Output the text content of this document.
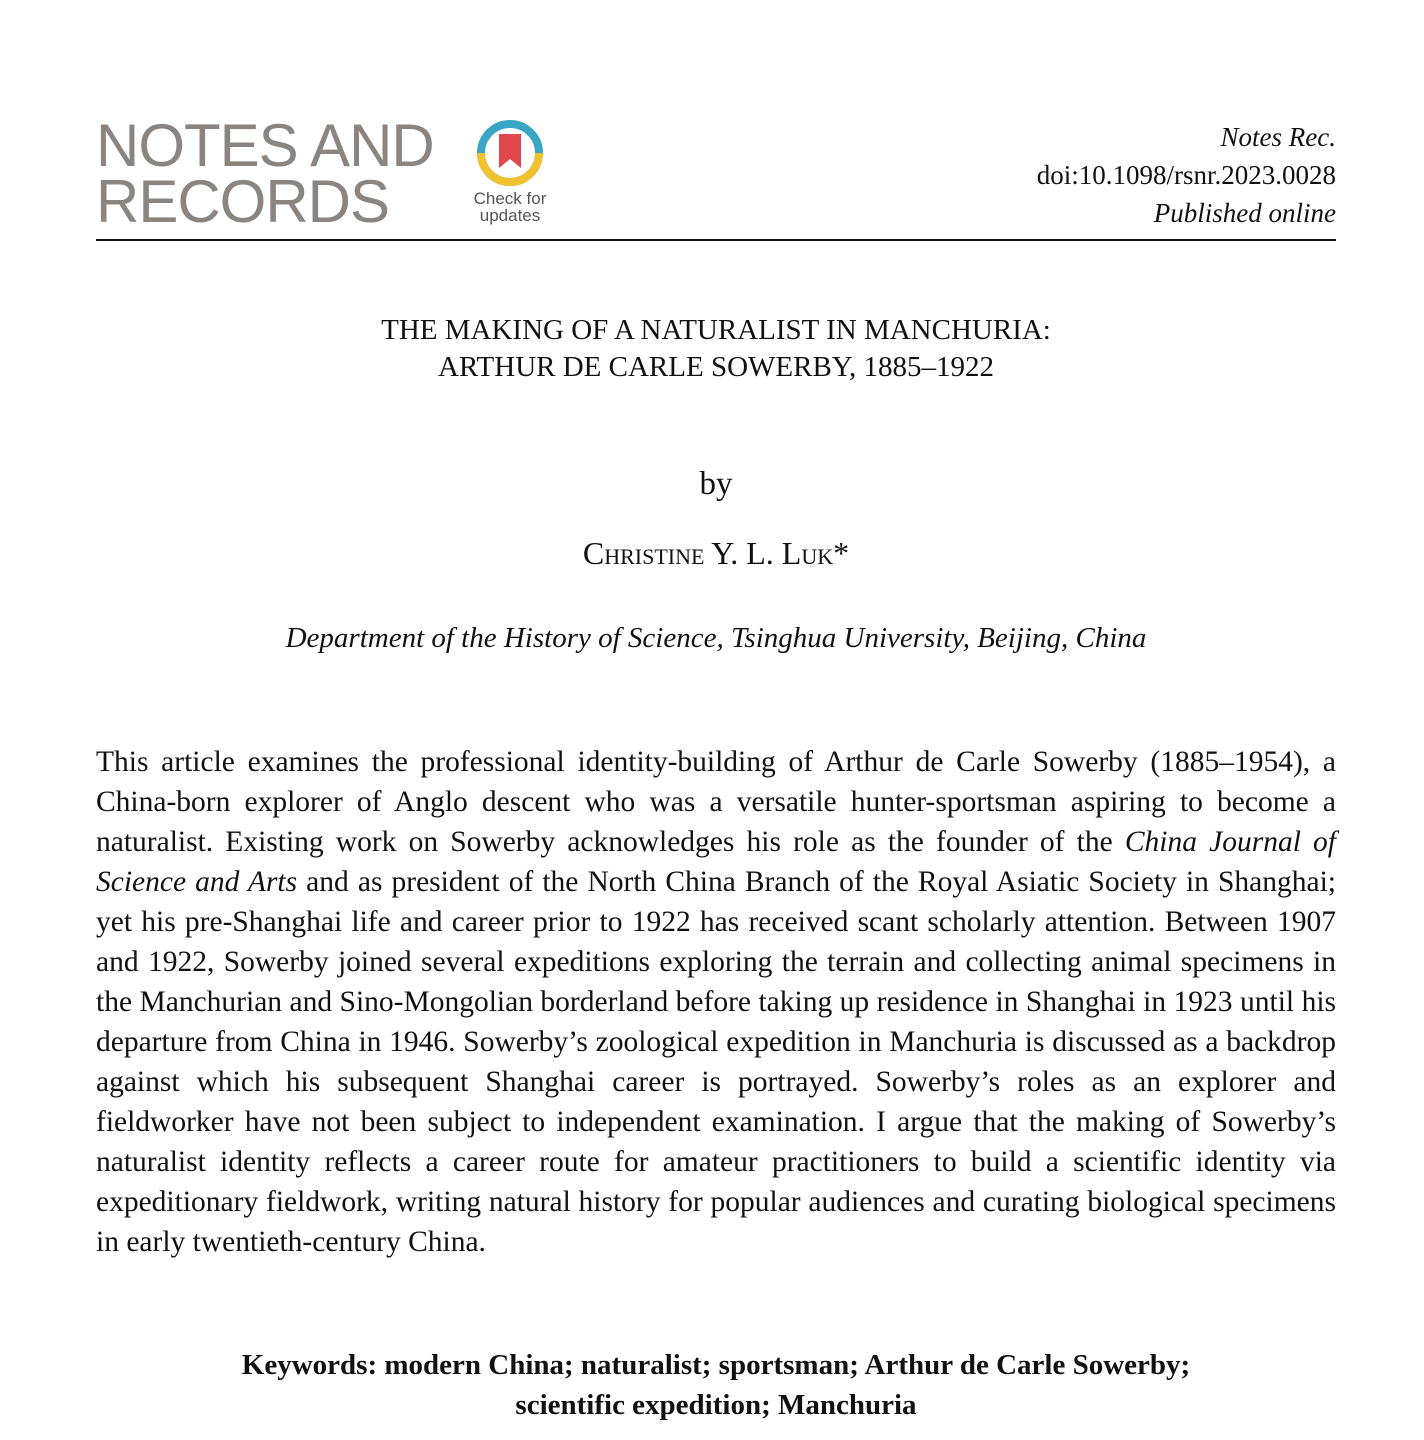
NOTES AND
RECORDS	Check for
updates
Notes Rec.
doi:10.1098/rsnr.2023.0028
Published online
THE MAKING OF A NATURALIST IN MANCHURIA:
ARTHUR DE CARLE SOWERBY, 1885–1922
by
Christine Y. L. Luk*
Department of the History of Science, Tsinghua University, Beijing, China
This article examines the professional identity-building of Arthur de Carle Sowerby (1885–1954), a China-born explorer of Anglo descent who was a versatile hunter-sportsman aspiring to become a naturalist. Existing work on Sowerby acknowledges his role as the founder of the China Journal of Science and Arts and as president of the North China Branch of the Royal Asiatic Society in Shanghai; yet his pre-Shanghai life and career prior to 1922 has received scant scholarly attention. Between 1907 and 1922, Sowerby joined several expeditions exploring the terrain and collecting animal specimens in the Manchurian and Sino-Mongolian borderland before taking up residence in Shanghai in 1923 until his departure from China in 1946. Sowerby’s zoological expedition in Manchuria is discussed as a backdrop against which his subsequent Shanghai career is portrayed. Sowerby’s roles as an explorer and fieldworker have not been subject to independent examination. I argue that the making of Sowerby’s naturalist identity reflects a career route for amateur practitioners to build a scientific identity via expeditionary fieldwork, writing natural history for popular audiences and curating biological specimens in early twentieth-century China.
Keywords: modern China; naturalist; sportsman; Arthur de Carle Sowerby;
scientific expedition; Manchuria
